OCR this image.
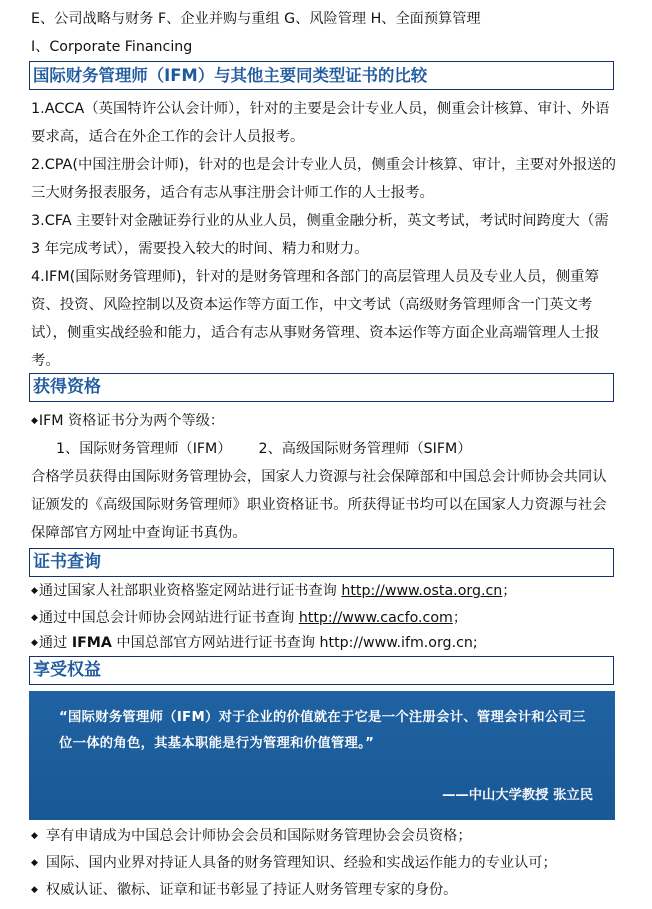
E、公司战略与财务 F、企业并购与重组 G、风险管理 H、全面预算管理
I、Corporate Financing
国际财务管理师（IFM）与其他主要同类型证书的比较
1.ACCA（英国特许公认会计师），针对的主要是会计专业人员，侧重会计核算、审计、外语要求高，适合在外企工作的会计人员报考。
2.CPA(中国注册会计师)，针对的也是会计专业人员，侧重会计核算、审计，主要对外报送的三大财务报表服务，适合有志从事注册会计师工作的人士报考。
3.CFA 主要针对金融证券行业的从业人员，侧重金融分析，英文考试，考试时间跨度大（需 3 年完成考试），需要投入较大的时间、精力和财力。
4.IFM(国际财务管理师)，针对的是财务管理和各部门的高层管理人员及专业人员，侧重筹资、投资、风险控制以及资本运作等方面工作，中文考试（高级财务管理师含一门英文考试），侧重实战经验和能力，适合有志从事财务管理、资本运作等方面企业高端管理人士报考。
获得资格
◆IFM 资格证书分为两个等级：
1、国际财务管理师（IFM）      2、高级国际财务管理师（SIFM）
合格学员获得由国际财务管理协会，国家人力资源与社会保障部和中国总会计师协会共同认证颁发的《高级国际财务管理师》职业资格证书。所获得证书均可以在国家人力资源与社会保障部官方网址中查询证书真伪。
证书查询
◆通过国家人社部职业资格鉴定网站进行证书查询 http://www.osta.org.cn；
◆通过中国总会计师协会网站进行证书查询 http://www.cacfo.com；
◆通过 IFMA 中国总部官方网站进行证书查询 http://www.ifm.org.cn;
享受权益
“国际财务管理师（IFM）对于企业的价值就在于它是一个注册会计、管理会计和公司三位一体的角色，其基本职能是行为管理和价值管理。”
——中山大学教授 张立民
◆ 享有申请成为中国总会计师协会会员和国际财务管理协会会员资格；
◆ 国际、国内业界对持证人具备的财务管理知识、经验和实战运作能力的专业认可；
◆ 权威认证、徽标、证章和证书彰显了持证人财务管理专家的身份。
